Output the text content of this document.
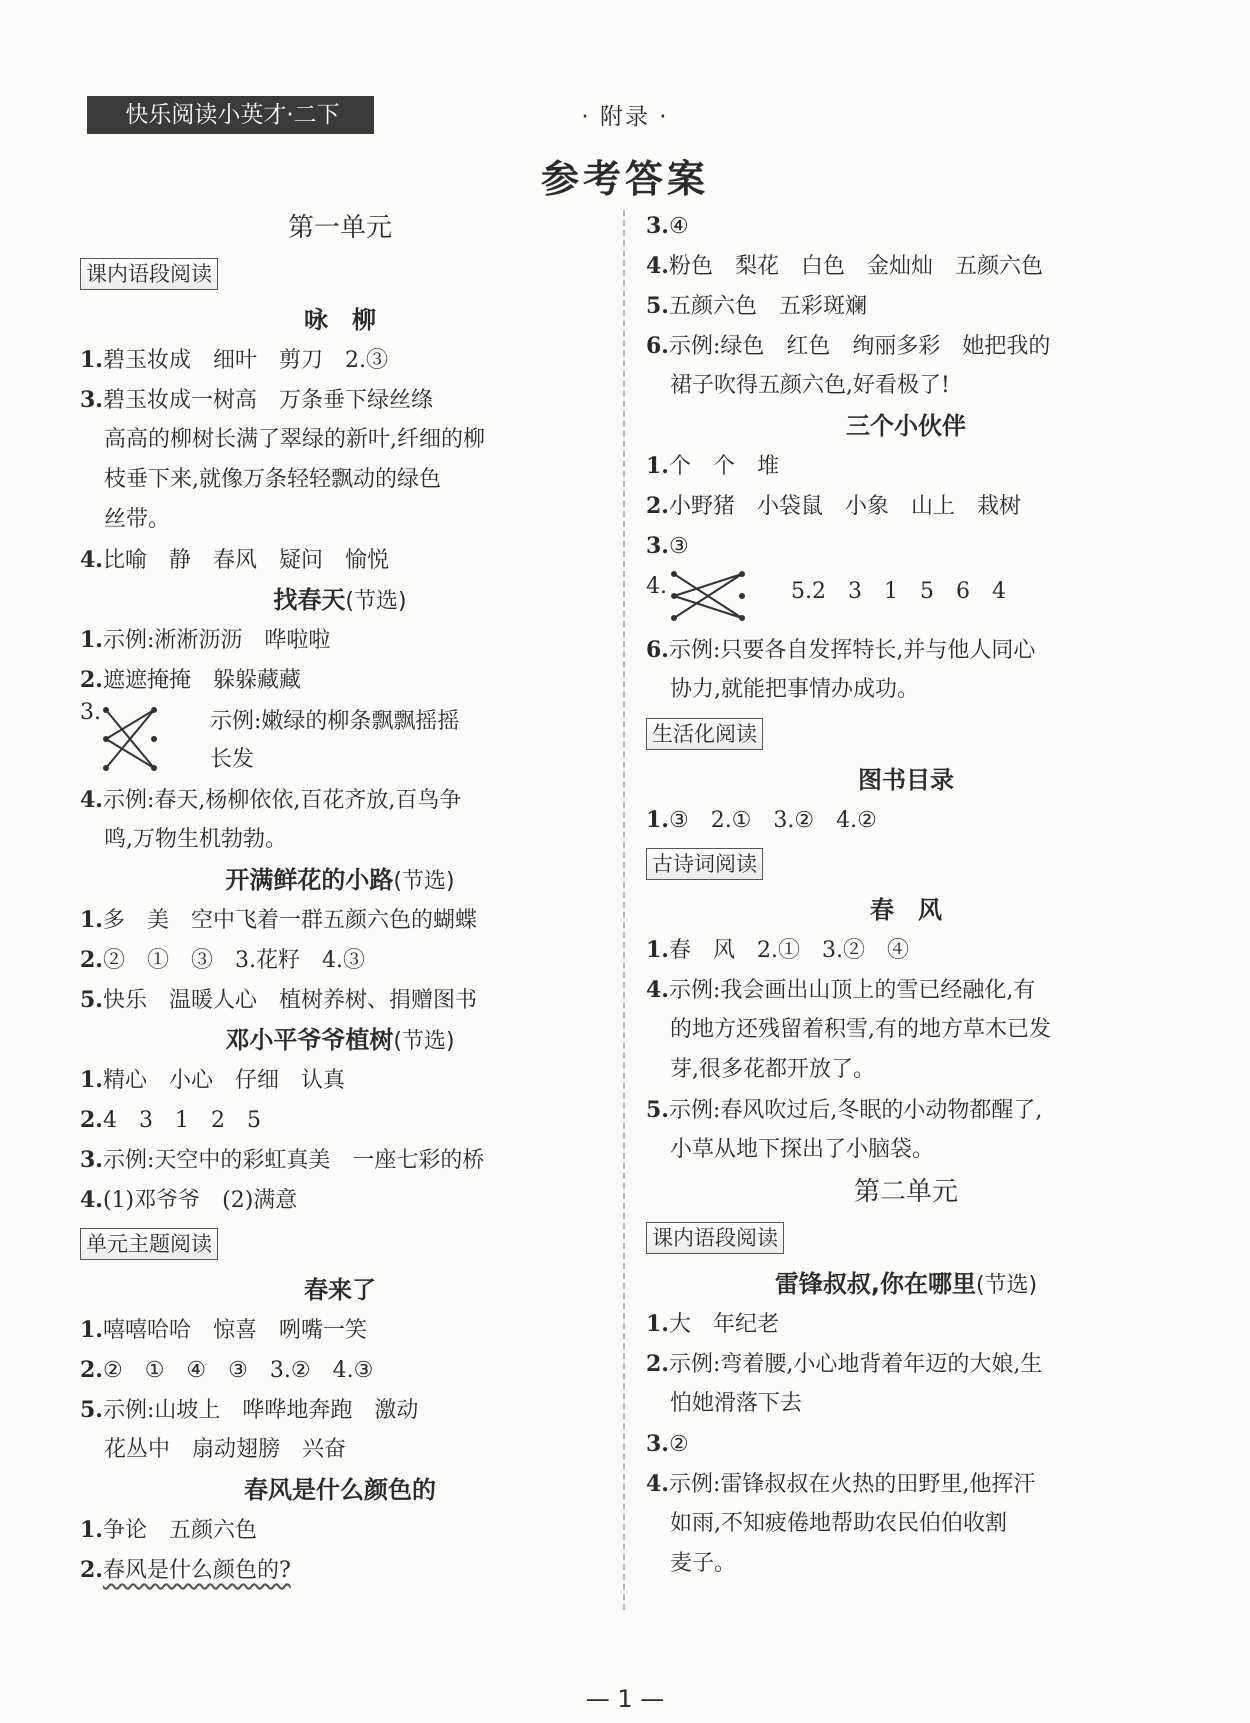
快乐阅读小英才·二下	· 附录 ·
参考答案
第一单元
课内语段阅读
咏　柳
1.碧玉妆成　细叶　剪刀　2.③
3.碧玉妆成一树高　万条垂下绿丝绦
高高的柳树长满了翠绿的新叶,纤细的柳
枝垂下来,就像万条轻轻飘动的绿色
丝带。
4.比喻　静　春风　疑问　愉悦
找春天(节选)
1.示例:淅淅沥沥　哗啦啦
2.遮遮掩掩　躲躲藏藏
3.	示例:嫩绿的柳条飘飘摇摇
长发
4.示例:春天,杨柳依依,百花齐放,百鸟争
鸣,万物生机勃勃。
开满鲜花的小路(节选)
1.多　美　空中飞着一群五颜六色的蝴蝶
2.②　①　③　3.花籽　4.③
5.快乐　温暖人心　植树养树、捐赠图书
邓小平爷爷植树(节选)
1.精心　小心　仔细　认真
2.4　3　1　2　5
3.示例:天空中的彩虹真美　一座七彩的桥
4.(1)邓爷爷　(2)满意
单元主题阅读
春来了
1.嘻嘻哈哈　惊喜　咧嘴一笑
2.②　①　④　③　3.②　4.③
5.示例:山坡上　哗哗地奔跑　激动
花丛中　扇动翅膀　兴奋
春风是什么颜色的
1.争论　五颜六色
2.春风是什么颜色的?
3.④
4.粉色　梨花　白色　金灿灿　五颜六色
5.五颜六色　五彩斑斓
6.示例:绿色　红色　绚丽多彩　她把我的
裙子吹得五颜六色,好看极了!
三个小伙伴
1.个　个　堆
2.小野猪　小袋鼠　小象　山上　栽树
3.③
4.	5.2　3　1　5　6　4
6.示例:只要各自发挥特长,并与他人同心
协力,就能把事情办成功。
生活化阅读
图书目录
1.③　2.①　3.②　4.②
古诗词阅读
春　风
1.春　风　2.①　3.②　④
4.示例:我会画出山顶上的雪已经融化,有
的地方还残留着积雪,有的地方草木已发
芽,很多花都开放了。
5.示例:春风吹过后,冬眠的小动物都醒了,
小草从地下探出了小脑袋。
第二单元
课内语段阅读
雷锋叔叔,你在哪里(节选)
1.大　年纪老
2.示例:弯着腰,小心地背着年迈的大娘,生
怕她滑落下去
3.②
4.示例:雷锋叔叔在火热的田野里,他挥汗
如雨,不知疲倦地帮助农民伯伯收割
麦子。
— 1 —
